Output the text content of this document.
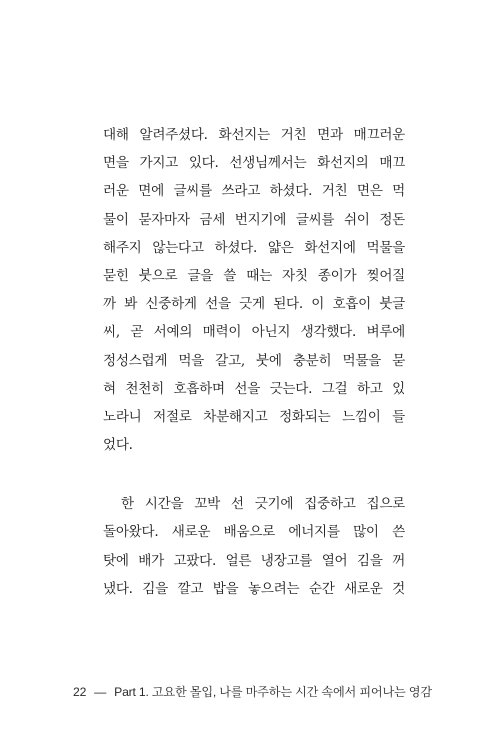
대해 알려주셨다. 화선지는 거친 면과 매끄러운
면을 가지고 있다. 선생님께서는 화선지의 매끄
러운 면에 글씨를 쓰라고 하셨다. 거친 면은 먹
물이 묻자마자 금세 번지기에 글씨를 쉬이 정돈
해주지 않는다고 하셨다. 얇은 화선지에 먹물을
묻힌 붓으로 글을 쓸 때는 자칫 종이가 찢어질
까 봐 신중하게 선을 긋게 된다. 이 호흡이 붓글
씨, 곧 서예의 매력이 아닌지 생각했다. 벼루에
정성스럽게 먹을 갈고, 붓에 충분히 먹물을 묻
혀 천천히 호흡하며 선을 긋는다. 그걸 하고 있
노라니 저절로 차분해지고 정화되는 느낌이 들
었다.
한 시간을 꼬박 선 긋기에 집중하고 집으로
돌아왔다. 새로운 배움으로 에너지를 많이 쓴
탓에 배가 고팠다. 얼른 냉장고를 열어 김을 꺼
냈다. 김을 깔고 밥을 놓으려는 순간 새로운 것
22 — Part 1. 고요한 몰입, 나를 마주하는 시간 속에서 피어나는 영감
